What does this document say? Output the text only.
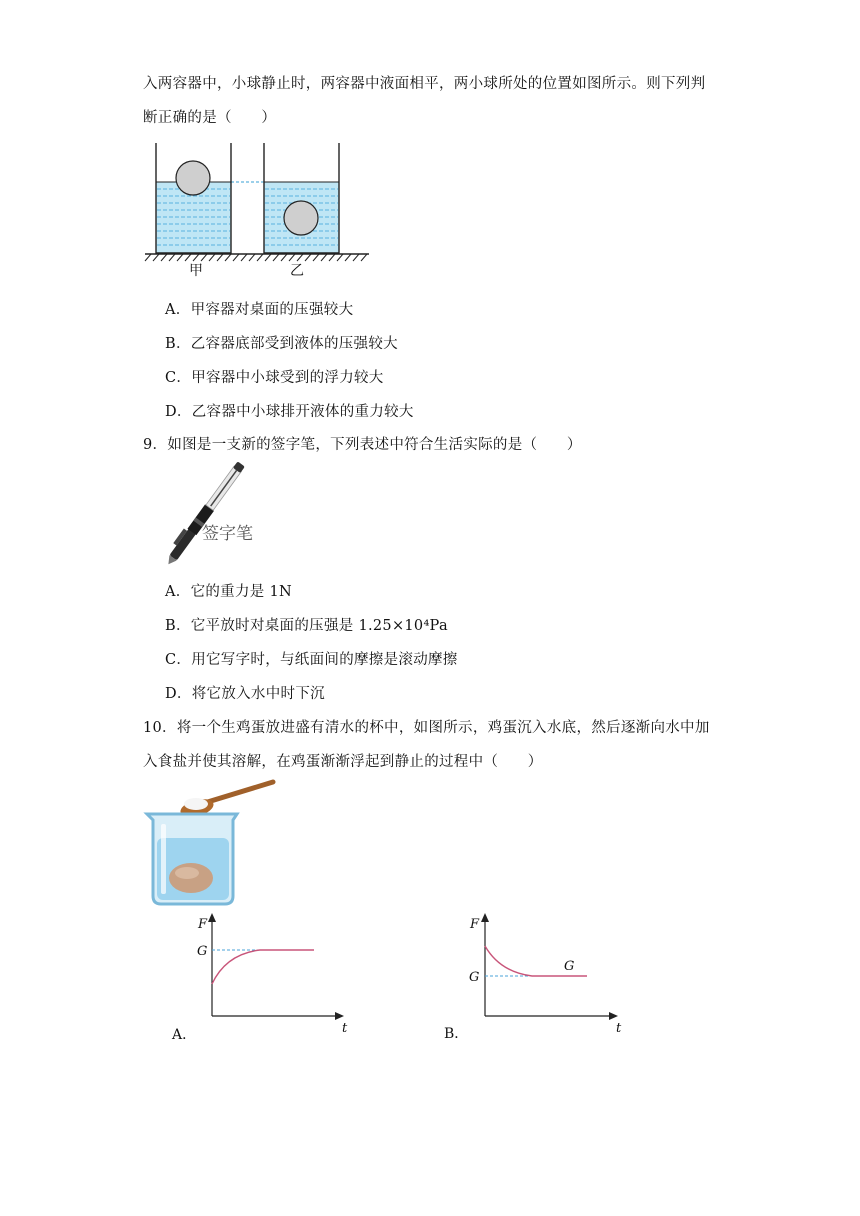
入两容器中，小球静止时，两容器中液面相平，两小球所处的位置如图所示。则下列判
断正确的是（　　）
甲	乙
A．甲容器对桌面的压强较大
B．乙容器底部受到液体的压强较大
C．甲容器中小球受到的浮力较大
D．乙容器中小球排开液体的重力较大
9．如图是一支新的签字笔，下列表述中符合生活实际的是（　　）
签字笔
A．它的重力是 1N
B．它平放时对桌面的压强是 1.25×10⁴Pa
C．用它写字时，与纸面间的摩擦是滚动摩擦
D．将它放入水中时下沉
10．将一个生鸡蛋放进盛有清水的杯中，如图所示，鸡蛋沉入水底，然后逐渐向水中加
入食盐并使其溶解，在鸡蛋渐渐浮起到静止的过程中（　　）
F
G
t
A．
F
G
G
t
B．
